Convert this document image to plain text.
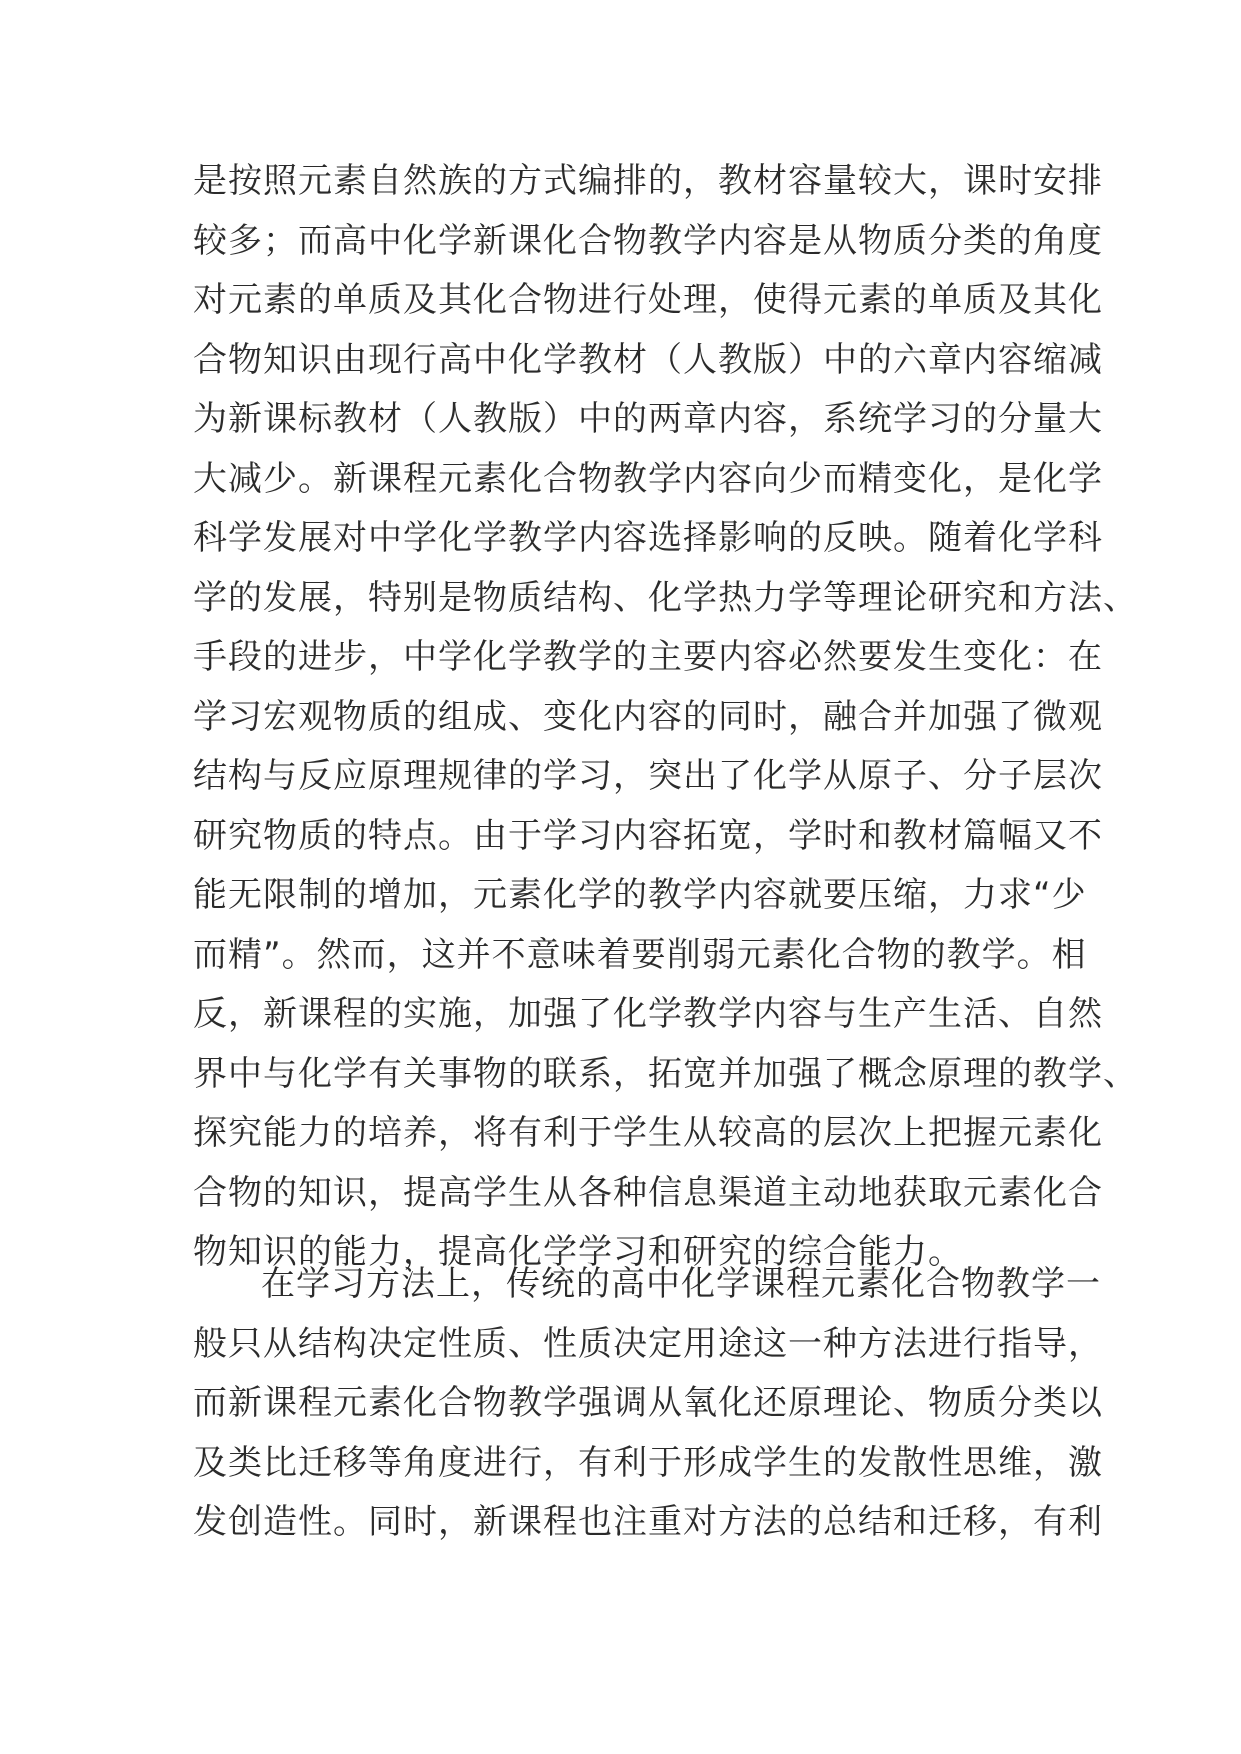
是按照元素自然族的方式编排的，教材容量较大，课时安排
较多；而高中化学新课化合物教学内容是从物质分类的角度
对元素的单质及其化合物进行处理，使得元素的单质及其化
合物知识由现行高中化学教材（人教版）中的六章内容缩减
为新课标教材（人教版）中的两章内容，系统学习的分量大
大减少。新课程元素化合物教学内容向少而精变化，是化学
科学发展对中学化学教学内容选择影响的反映。随着化学科
学的发展，特别是物质结构、化学热力学等理论研究和方法、
手段的进步，中学化学教学的主要内容必然要发生变化：在
学习宏观物质的组成、变化内容的同时，融合并加强了微观
结构与反应原理规律的学习，突出了化学从原子、分子层次
研究物质的特点。由于学习内容拓宽，学时和教材篇幅又不
能无限制的增加，元素化学的教学内容就要压缩，力求“少
而精”。然而，这并不意味着要削弱元素化合物的教学。相
反，新课程的实施，加强了化学教学内容与生产生活、自然
界中与化学有关事物的联系，拓宽并加强了概念原理的教学、
探究能力的培养，将有利于学生从较高的层次上把握元素化
合物的知识，提高学生从各种信息渠道主动地获取元素化合
物知识的能力，提高化学学习和研究的综合能力。
在学习方法上，传统的高中化学课程元素化合物教学一
般只从结构决定性质、性质决定用途这一种方法进行指导，
而新课程元素化合物教学强调从氧化还原理论、物质分类以
及类比迁移等角度进行，有利于形成学生的发散性思维，激
发创造性。同时，新课程也注重对方法的总结和迁移，有利
